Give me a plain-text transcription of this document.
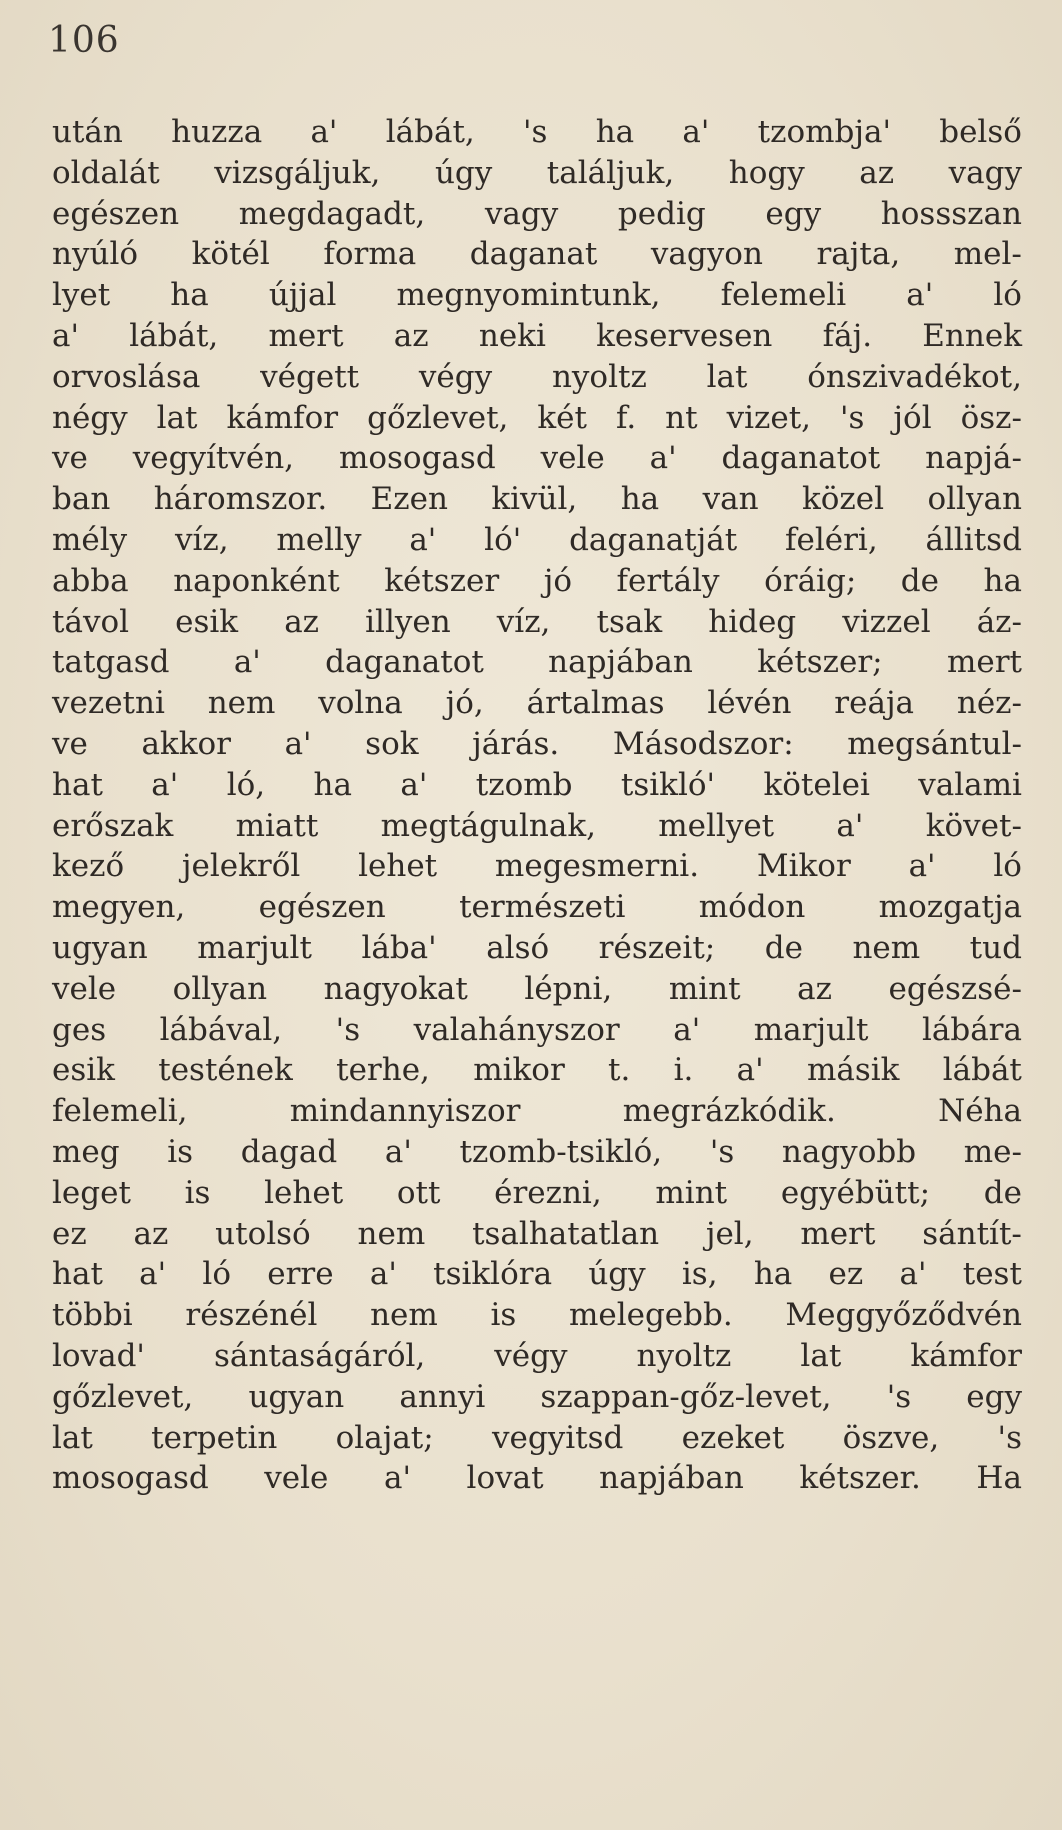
106
után huzza a' lábát, 's ha a' tzombja' belső
oldalát vizsgáljuk, úgy találjuk, hogy az vagy
egészen megdagadt, vagy pedig egy hossszan
nyúló kötél forma daganat vagyon rajta, mel-
lyet ha újjal megnyomintunk, felemeli a' ló
a' lábát, mert az neki keservesen fáj. Ennek
orvoslása végett végy nyoltz lat ónszivadékot,
négy lat kámfor gőzlevet, két f. nt vizet, 's jól ösz-
ve vegyítvén, mosogasd vele a' daganatot napjá-
ban háromszor. Ezen kivül, ha van közel ollyan
mély víz, melly a' ló' daganatját feléri, állitsd
abba naponként kétszer jó fertály óráig; de ha
távol esik az illyen víz, tsak hideg vizzel áz-
tatgasd a' daganatot napjában kétszer; mert
vezetni nem volna jó, ártalmas lévén reája néz-
ve akkor a' sok járás. Másodszor: megsántul-
hat a' ló, ha a' tzomb tsikló' kötelei valami
erőszak miatt megtágulnak, mellyet a' követ-
kező jelekről lehet megesmerni. Mikor a' ló
megyen, egészen természeti módon mozgatja
ugyan marjult lába' alsó részeit; de nem tud
vele ollyan nagyokat lépni, mint az egészsé-
ges lábával, 's valahányszor a' marjult lábára
esik testének terhe, mikor t. i. a' másik lábát
felemeli,	mindannyiszor	megrázkódik.	Néha
meg is dagad a' tzomb-tsikló, 's nagyobb me-
leget is lehet ott érezni, mint egyébütt; de
ez az utolsó nem tsalhatatlan jel, mert sántít-
hat a' ló erre a' tsiklóra úgy is, ha ez a' test
többi részénél nem is melegebb. Meggyőződvén
lovad' sántaságáról, végy nyoltz lat kámfor
gőzlevet, ugyan annyi szappan-gőz-levet, 's egy
lat terpetin olajat; vegyitsd ezeket öszve, 's
mosogasd vele a' lovat napjában kétszer. Ha
